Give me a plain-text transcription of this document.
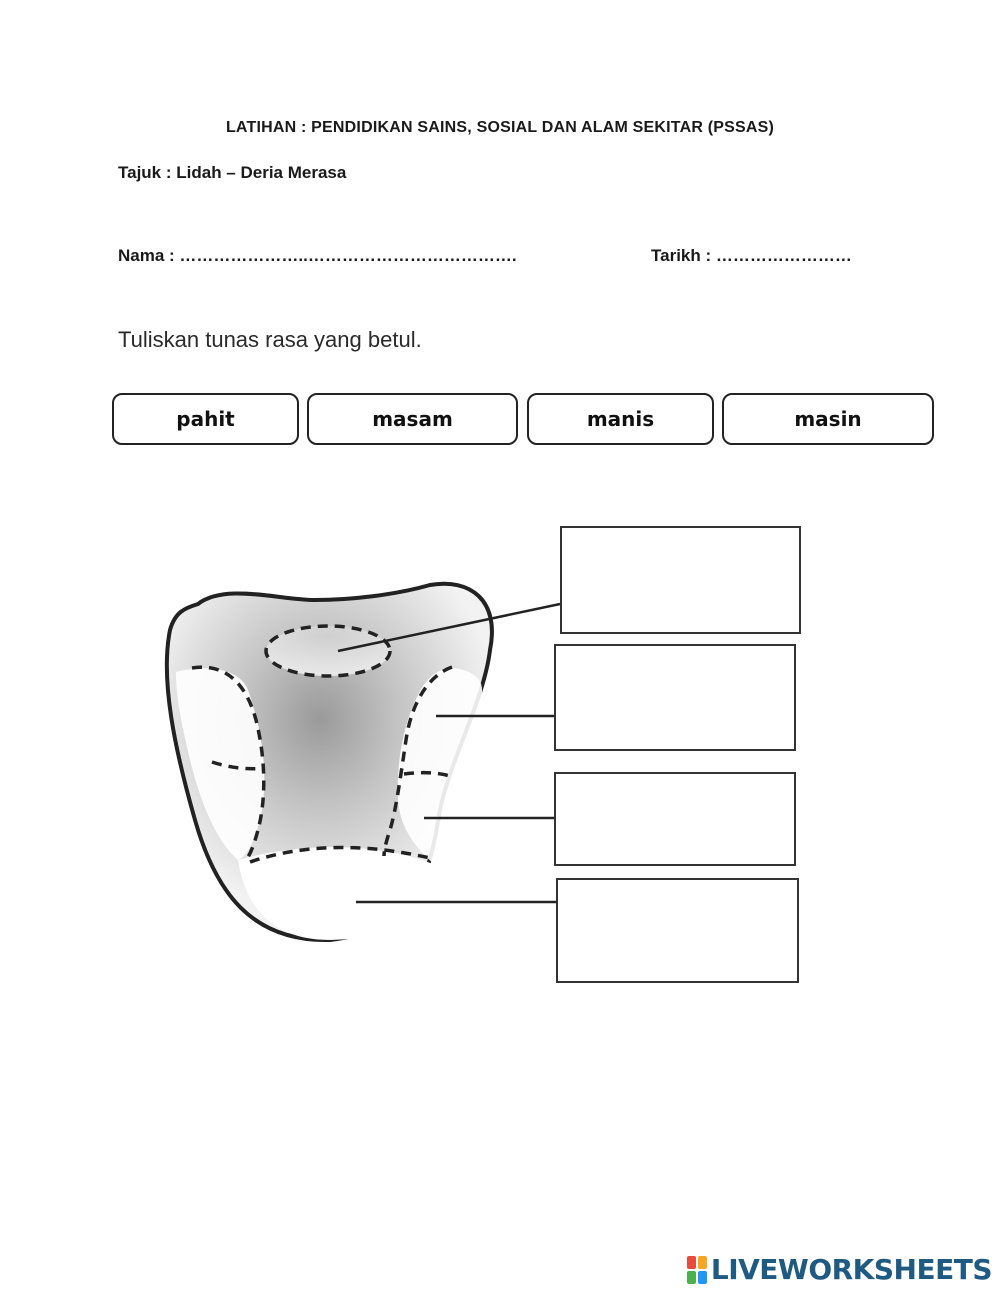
LATIHAN : PENDIDIKAN SAINS, SOSIAL DAN ALAM SEKITAR (PSSAS)
Tajuk : Lidah – Deria Merasa
Nama : …………………..……………………………….	Tarikh : ……………………
Tuliskan tunas rasa yang betul.
pahit	masam	manis	masin
LIVEWORKSHEETS
